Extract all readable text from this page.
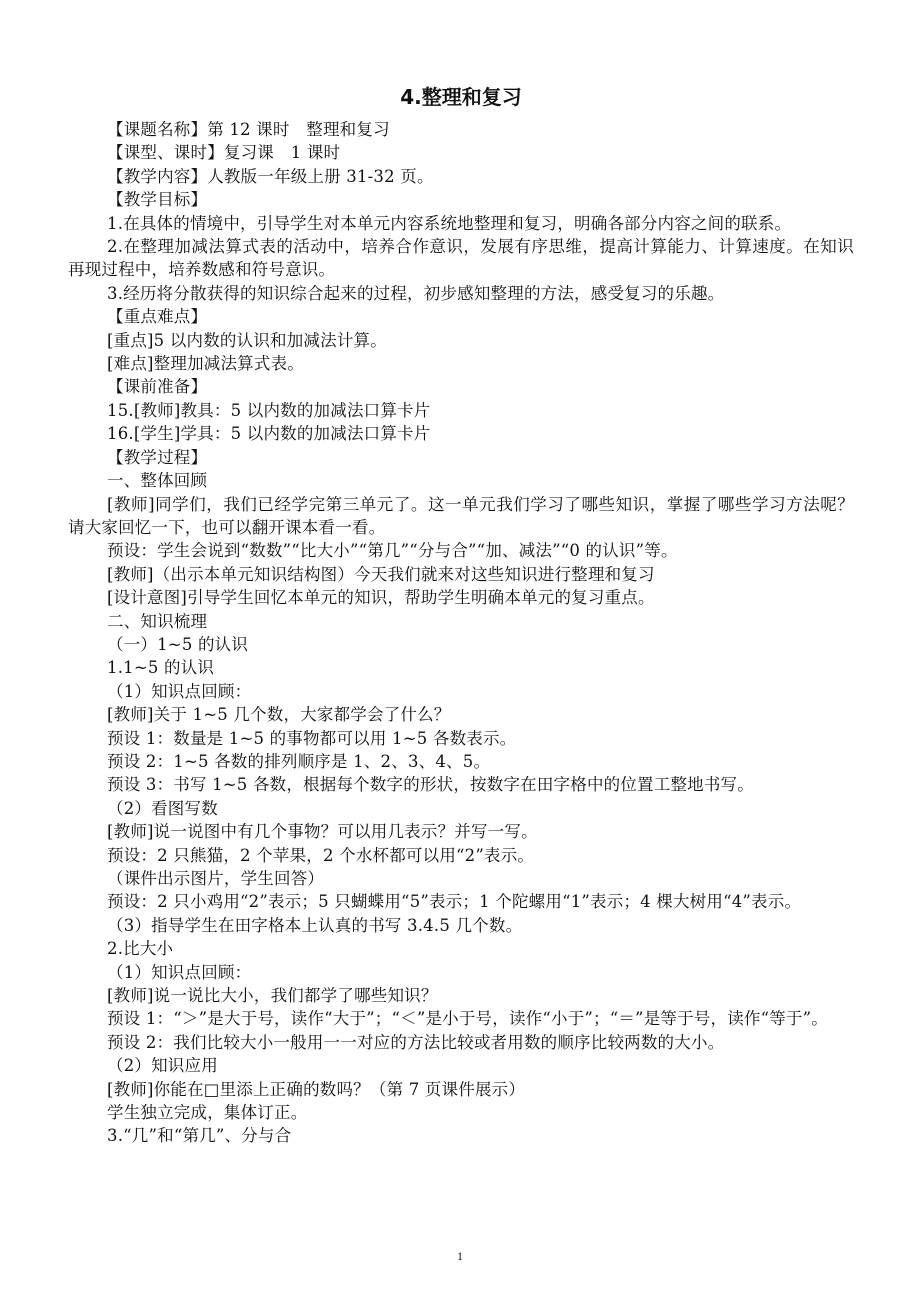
4.整理和复习
【课题名称】第 12 课时　整理和复习
【课型、课时】复习课　1 课时
【教学内容】人教版一年级上册 31-32 页。
【教学目标】
1.在具体的情境中，引导学生对本单元内容系统地整理和复习，明确各部分内容之间的联系。
2.在整理加减法算式表的活动中，培养合作意识，发展有序思维，提高计算能力、计算速度。在知识再现过程中，培养数感和符号意识。
3.经历将分散获得的知识综合起来的过程，初步感知整理的方法，感受复习的乐趣。
【重点难点】
[重点]5 以内数的认识和加减法计算。
[难点]整理加减法算式表。
【课前准备】
15.[教师]教具：5 以内数的加减法口算卡片
16.[学生]学具：5 以内数的加减法口算卡片
【教学过程】
一、整体回顾
[教师]同学们，我们已经学完第三单元了。这一单元我们学习了哪些知识，掌握了哪些学习方法呢？请大家回忆一下，也可以翻开课本看一看。
预设：学生会说到“数数”“比大小”“第几”“分与合”“加、减法”“0 的认识”等。
[教师]（出示本单元知识结构图）今天我们就来对这些知识进行整理和复习
[设计意图]引导学生回忆本单元的知识，帮助学生明确本单元的复习重点。
二、知识梳理
（一）1~5 的认识
1.1~5 的认识
（1）知识点回顾：
[教师]关于 1~5 几个数，大家都学会了什么？
预设 1：数量是 1~5 的事物都可以用 1~5 各数表示。
预设 2：1~5 各数的排列顺序是 1、2、3、4、5。
预设 3：书写 1~5 各数，根据每个数字的形状，按数字在田字格中的位置工整地书写。
（2）看图写数
[教师]说一说图中有几个事物？可以用几表示？并写一写。
预设：2 只熊猫，2 个苹果，2 个水杯都可以用“2”表示。
（课件出示图片，学生回答）
预设：2 只小鸡用“2”表示；5 只蝴蝶用“5”表示；1 个陀螺用“1”表示；4 棵大树用“4”表示。
（3）指导学生在田字格本上认真的书写 3.4.5 几个数。
2.比大小
（1）知识点回顾：
[教师]说一说比大小，我们都学了哪些知识？
预设 1：“＞”是大于号，读作“大于”；“＜”是小于号，读作“小于”；“＝”是等于号，读作“等于”。
预设 2：我们比较大小一般用一一对应的方法比较或者用数的顺序比较两数的大小。
（2）知识应用
[教师]你能在□里添上正确的数吗？（第 7 页课件展示）
学生独立完成，集体订正。
3.“几”和“第几”、分与合
1
